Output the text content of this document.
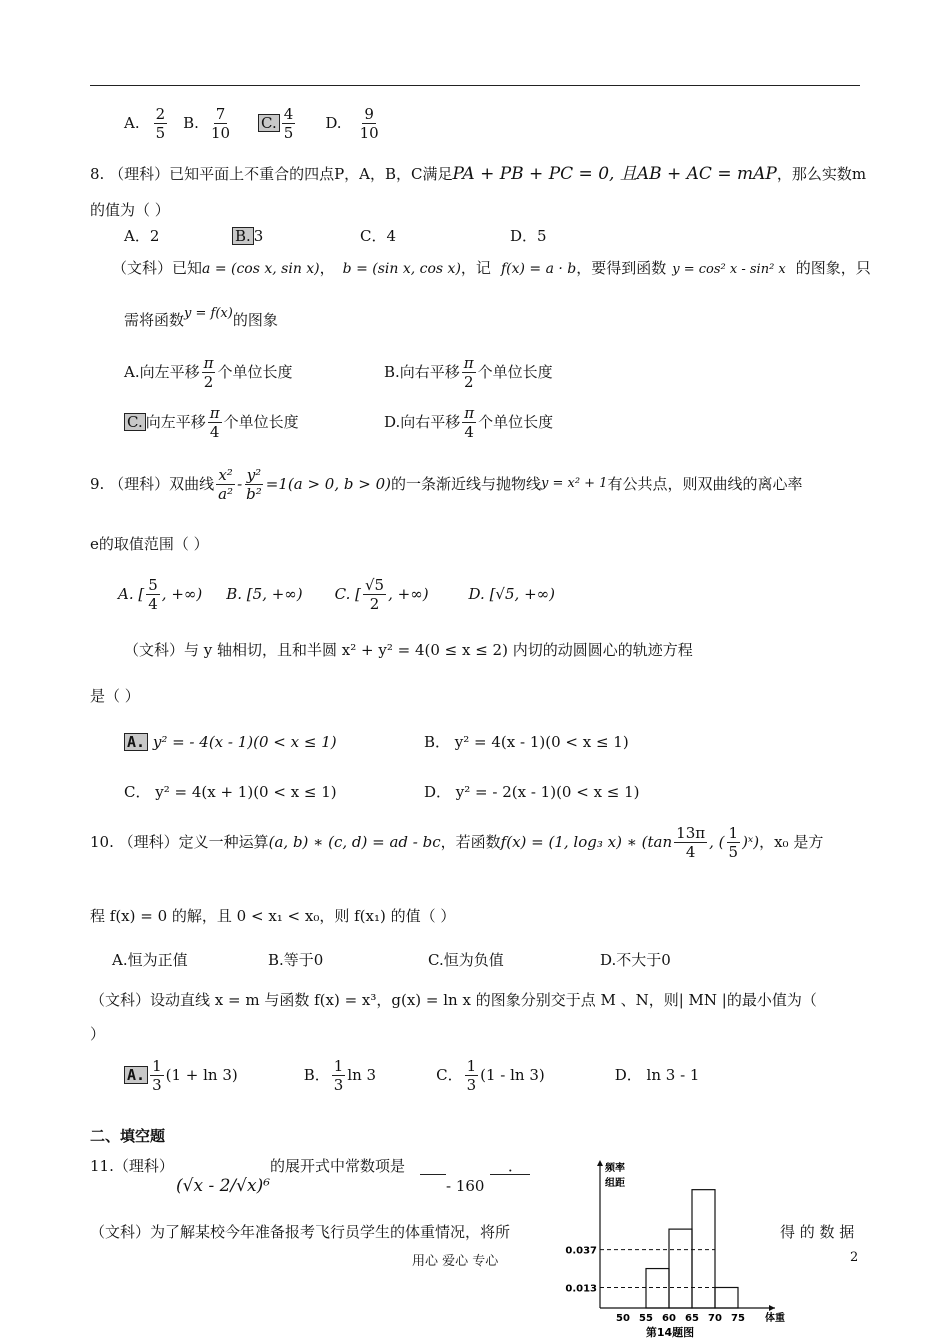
A. $\frac{2}{5} B$. $\frac{7}{10} C$. $\frac{4}{5} D$. $\frac{9}{10}$
8. （理科）已知平面上不重合的四点P，A，B，C满足PA + PB + PC = 0, 且AB + AC = mAP，那么实数m
的值为（ ）
A．2	B. 3	C．4	D．5
（文科）已知a = (cos x, sin x)， b = (sin x, cos x)，记 f(x) = a · b，要得到函数 y = cos² x - sin² x 的图象，只
需将函数y = f(x)的图象
A.向左平移 $\frac{\pi}{2}$ 个单位长度	B.向右平移 $\frac{\pi}{2}$ 个单位长度
C. 向左平移 $\frac{\pi}{4}$ 个单位长度	D.向右平移 $\frac{\pi}{4}$ 个单位长度
9. （理科）双曲线 $\frac{\text{x²}}{\text{a²}} - \frac{\text{y²}}{\text{b²}} =1(a > 0$, b > 0) 的一条渐近线与抛物线 y = x² + 1 有公共点，则双曲线的离心率
e的取值范围（ ）
A. [ $\frac{5}{4}$ , +∞) B. [5, +∞) C. [ $\frac{√5}{2}$ , +∞)	D. [√5, +∞)
（文科）与 y 轴相切，且和半圆 x² + y² = 4(0 ≤ x ≤ 2) 内切的动圆圆心的轨迹方程
是（ ）
A. y² = - 4(x - 1)(0 < x ≤ 1)	B． y² = 4(x - 1)(0 < x ≤ 1)
C． y² = 4(x + 1)(0 < x ≤ 1)	D． y² = - 2(x - 1)(0 < x ≤ 1)
10. （理科）定义一种运算 (a, b) ∗ (c, d) = ad - bc ，若函数 f(x) = (1, log₃ x) ∗ ($\tan \frac{13\pi}{4}$ , ( $\frac{1}{5}$ )ˣ) ，x₀ 是方
程 f(x) = 0 的解，且 0 < x₁ < x₀，则 f(x₁) 的值（ ）
A.恒为正值	B.等于0	C.恒为负值	D.不大于0
（文科）设动直线 x = m 与函数 f(x) = x³，g(x) = ln x 的图象分别交于点 M 、N，则| MN |的最小值为（
）
A. $\frac{1}{3} (1 + \ln 3)$	B． $\frac{1}{3}$ ln 3	C． $\frac{1}{3} (1$ - ln 3)	D． ln 3 - 1
二、填空题
11.（理科）
(√x - 2/√x)⁶
的展开式中常数项是
- 160
．
（文科）为了解某校今年准备报考飞行员学生的体重情况，将所	得 的 数 据
用心 爱心 专心	2
0.013
0.037
50 55 60 65 70 75
频率
组距
体重
第14题图
